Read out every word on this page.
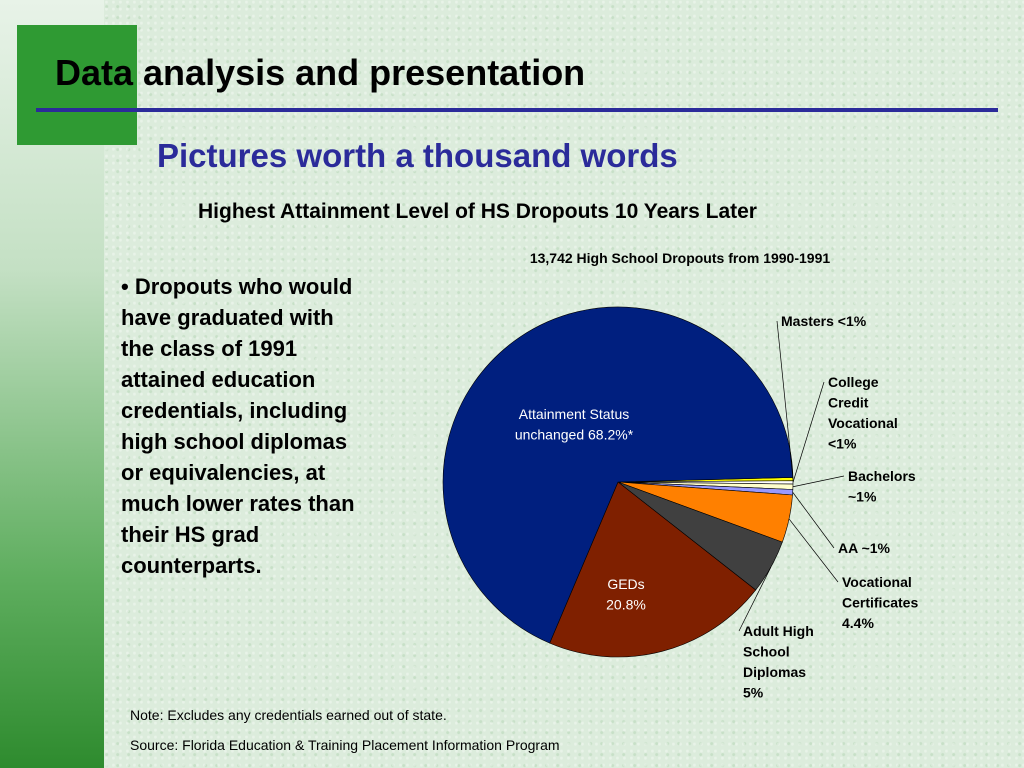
Data analysis and presentation
Pictures worth a thousand words
Highest Attainment Level of HS Dropouts 10 Years Later
• Dropouts who would have graduated with the class of 1991 attained education credentials, including high school diplomas or equivalencies, at much lower rates than their HS grad counterparts.
13,742 High School Dropouts from 1990-1991
Masters <1%
College Credit Vocational <1%
Bachelors ~1%
AA ~1%
Vocational Certificates 4.4%
Adult High School Diplomas 5%
GEDs 20.8%
Attainment Status unchanged 68.2%*
Note: Excludes any credentials earned out of state.
Source: Florida Education & Training Placement Information Program
